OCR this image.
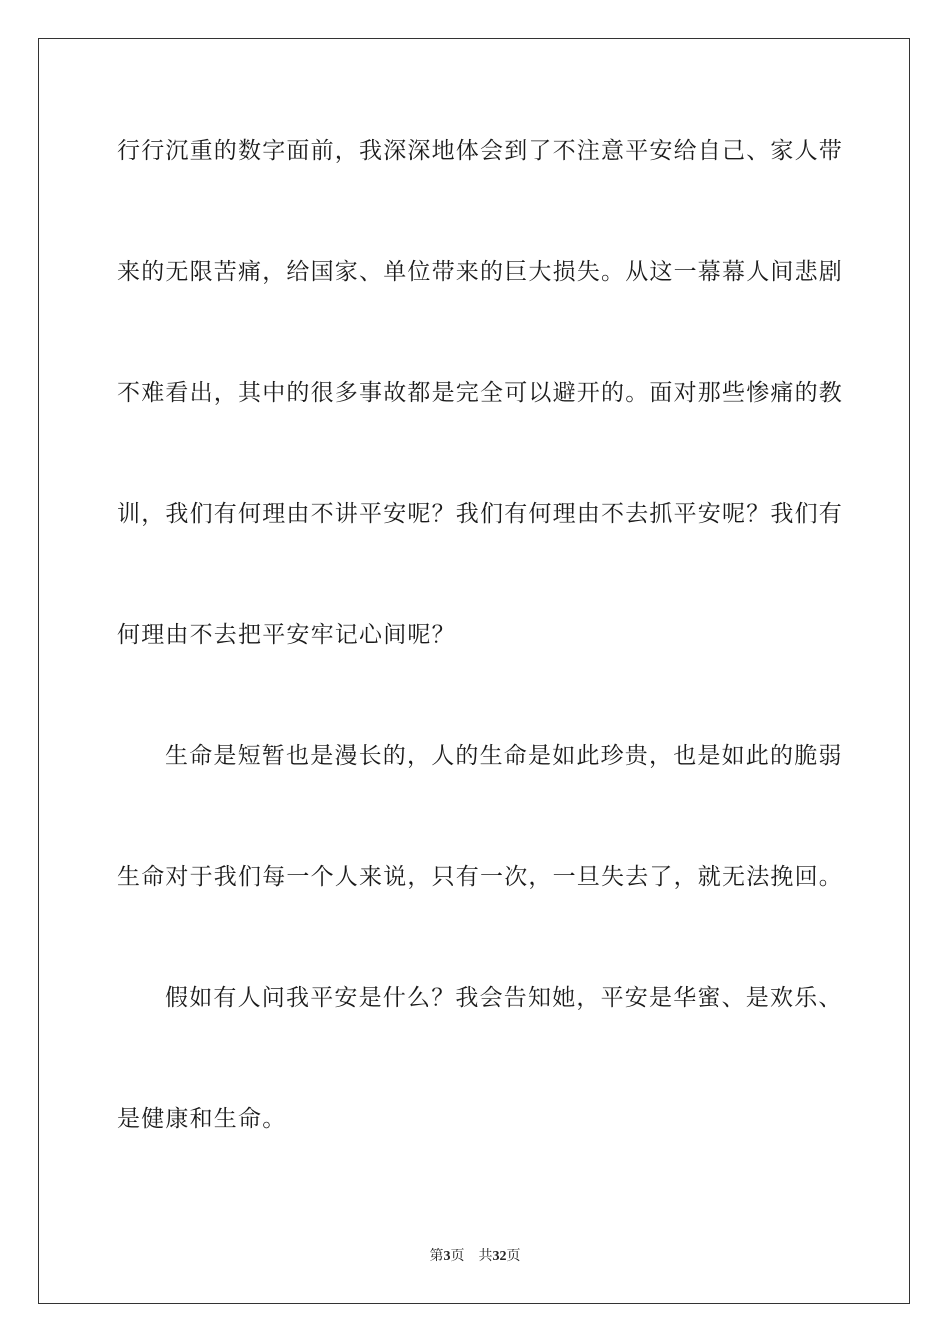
行行沉重的数字面前，我深深地体会到了不注意平安给自己、家人带
来的无限苦痛，给国家、单位带来的巨大损失。从这一幕幕人间悲剧
不难看出，其中的很多事故都是完全可以避开的。面对那些惨痛的教
训，我们有何理由不讲平安呢？我们有何理由不去抓平安呢？我们有
何理由不去把平安牢记心间呢？
生命是短暂也是漫长的，人的生命是如此珍贵，也是如此的脆弱
生命对于我们每一个人来说，只有一次，一旦失去了，就无法挽回。
假如有人问我平安是什么？我会告知她，平安是华蜜、是欢乐、
是健康和生命。
第3页 共32页
